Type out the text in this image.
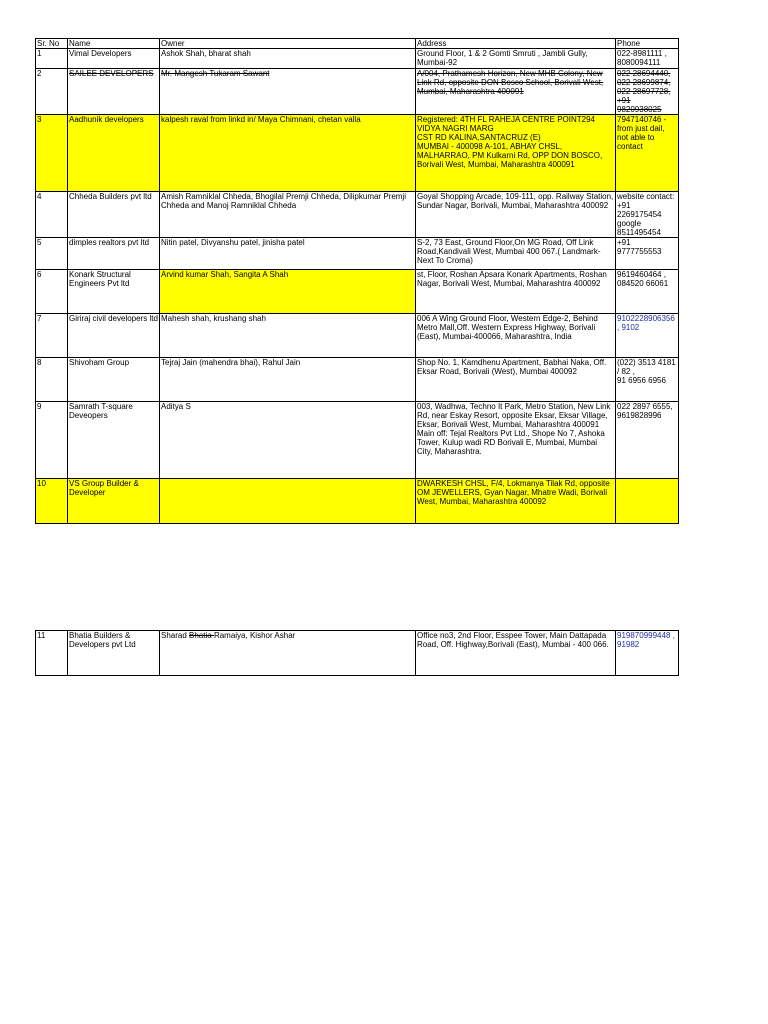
Sr. No	Name	Owner	Address	Phone
1	Vimal Developers	Ashok Shah, bharat shah	Ground Floor, 1 & 2 Gomti Smruti , Jambli Gully, Mumbai-92	022-8981111 ,
8080094111
2	SAILEE DEVELOPERS	Mr. Mangesh Tukaram Sawant	A/004, Prathamesh Horizon, New MHB Colony, New Link Rd, opposite DON Bosco School, Borivali West, Mumbai, Maharashtra 400091	022 28694440, 022 28699874, 022 28697728, +91 9820938025
3	Aadhunik developers	kalpesh raval from linkd in/ Maya Chimnani, chetan valla	Registered: 4TH FL RAHEJA CENTRE POINT294 VIDYA NAGRI MARG
CST RD KALINA,SANTACRUZ (E)
MUMBAI - 400098 A-101, ABHAY CHSL, MALHARRAO, PM Kulkarni Rd, OPP DON BOSCO, Borivali West, Mumbai, Maharashtra 400091	7947140746 - from just dail, not able to contact
4	Chheda Builders pvt ltd	Amish Ramniklal Chheda, Bhogilal Premji Chheda, Dilipkumar Premji Chheda and Manoj Ramniklal Chheda	Goyal Shopping Arcade, 109-111, opp. Railway Station, Sundar Nagar, Borivali, Mumbai, Maharashtra 400092	website contact: +91 2269175454 google 8511495454
5	dimples realtors pvt ltd	Nitin patel, Divyanshu patel, jinisha patel	S-2, 73 East, Ground Floor,On MG Road, Off Link Road,Kandivali West, Mumbai 400 067.( Landmark- Next To Croma)	+91 9777755553
6	Konark Structural Engineers Pvt ltd	Arvind kumar Shah, Sangita A Shah	st, Floor, Roshan Apsara Konark Apartments, Roshan Nagar, Borivali West, Mumbai, Maharashtra 400092	9619460464 , 084520 66061
7	Giriraj civil developers ltd	Mahesh shah, krushang shah	006 A Wing Ground Floor, Western Edge-2, Behind Metro Mall,Off. Western Express Highway, Borivali (East), Mumbai-400066, Maharashtra, India	9102228906356 , 9102
8	Shivoham Group	Tejraj Jain (mahendra bhai), Rahul Jain	Shop No. 1, Kamdhenu Apartment, Babhai Naka, Off. Eksar Road, Borivali (West), Mumbai 400092	(022) 3513 4181 / 82 ,
91 6956 6956
9	Samrath T-square Deveopers	Aditya S	003, Wadhwa, Techno It Park, Metro Station, New Link Rd, near Eskay Resort, opposite Eksar, Eksar Village, Eksar, Borivali West, Mumbai, Maharashtra 400091 Main off: Tejal Realtors Pvt Ltd., Shope No 7, Ashoka Tower, Kulup wadi RD Borivali E, Mumbai, Mumbai City, Maharashtra.	022 2897 6555, 9619828996
10	VS Group Builder & Developer		DWARKESH CHSL, F/4, Lokmanya Tilak Rd, opposite OM JEWELLERS, Gyan Nagar, Mhatre Wadi, Borivali West, Mumbai, Maharashtra 400092	
11	Bhatia Builders & Developers pvt Ltd	Sharad Bhatia Ramaiya, Kishor Ashar	Office no3, 2nd Floor, Esspee Tower, Main Dattapada Road, Off. Highway,Borivali (East), Mumbai - 400 066.	919870999448 , 91982
